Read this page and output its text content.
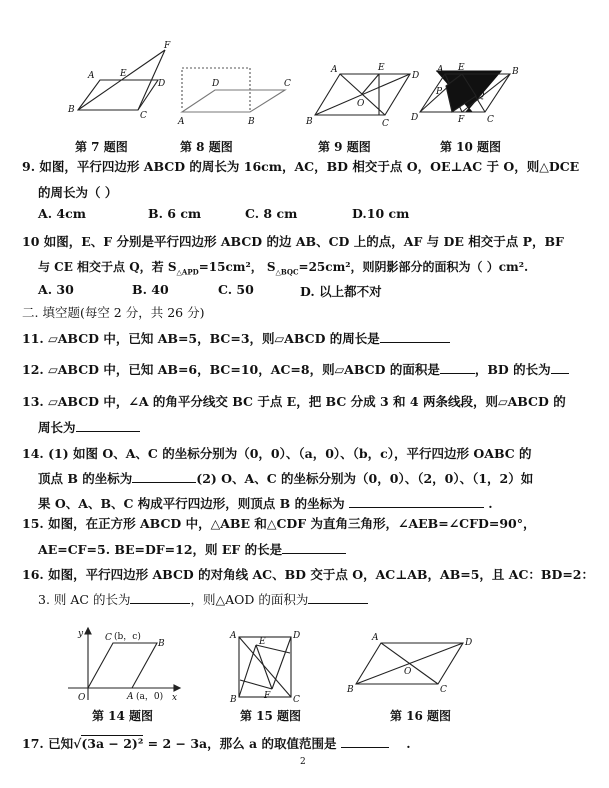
A	E
F
D
B
C
D	C
A	B
A	E
D
O
B	C
A E	B
P	Q
D	F	C
第 7 题图	第 8 题图	第 9 题图	第 10 题图
9. 如图，平行四边形 ABCD 的周长为 16cm，AC，BD 相交于点 O，OE⊥AC 于 O，则△DCE
的周长为（ ）
A. 4cm	B. 6 cm	C. 8 cm	D.10 cm
10 如图，E、F 分别是平行四边形 ABCD 的边 AB、CD 上的点，AF 与 DE 相交于点 P，BF
与 CE 相交于点 Q，若 $S_{\triangle APD}=15cm^2$， $S_{\triangle BQC}=25cm^2$，则阴影部分的面积为（ ）cm².
A. 30	B. 40	C. 50	D. 以上都不对
二. 填空题(每空 2 分，共 26 分)
11. ▱ABCD 中，已知 AB=5，BC=3，则▱ABCD 的周长是
12. ▱ABCD 中，已知 AB=6，BC=10，AC=8，则▱ABCD 的面积是	，BD 的长为
13. ▱ABCD 中，∠A 的角平分线交 BC 于点 E，把 BC 分成 3 和 4 两条线段，则▱ABCD 的
周长为
14. (1) 如图 O、A、C 的坐标分别为（0，0）、（a，0）、（b，c），平行四边形 OABC 的
顶点 B 的坐标为	(2) O、A、C 的坐标分别为（0，0）、（2，0）、（1，2）如
果 O、A、B、C 构成平行四边形，则顶点 B 的坐标为	.
15. 如图，在正方形 ABCD 中，△ABE 和△CDF 为直角三角形，∠AEB=∠CFD=90°，
AE=CF=5. BE=DF=12，则 EF 的长是
16. 如图，平行四边形 ABCD 的对角线 AC、BD 交于点 O，AC⊥AB，AB=5，且 AC：BD=2：
3. 则 AC 的长为	，则△AOD 的面积为
y C (b，c)
B
O	A (a，0) x
A
E
D
B	F	C
A	D
O
B	C
第 14 题图	第 15 题图	第 16 题图
17. 已知√(3a − 2)² = 2 − 3a，那么 a 的取值范围是	.
2
